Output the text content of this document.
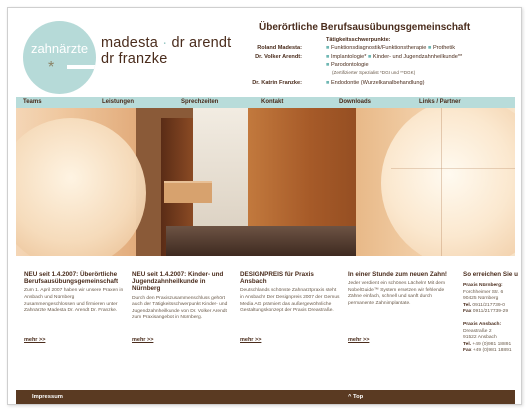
zahnärzte
*
madesta · dr arendt
dr franzke
Überörtliche Berufsausübungsgemeinschaft
Tätigkeitsschwerpunkte:
Roland Madesta:	■ Funktionsdiagnostik/Funktionstherapie ■ Prothetik
Dr. Volker Arendt:	■ Implantologie* ■ Kinder- und Jugendzahnheilkunde**
■ Parodontologie
(Zertifizierter Spezialist *DGI und **DGK)
Dr. Katrin Franzke:	■ Endodontie (Wurzelkanalbehandlung)
Teams	Leistungen	Sprechzeiten	Kontakt	Downloads	Links / Partner
NEU seit 1.4.2007: Überörtliche Berufsausübungsgemeinschaft

Zum 1. April 2007 haben wir unsere Praxen in Ansbach und Nürnberg zusammengeschlossen und firmieren unter Zahnärzte Madesta Dr. Arendt Dr. Franzke.

mehr >>
NEU seit 1.4.2007: Kinder- und Jugendzahnheilkunde in Nürnberg

Durch den Praxiszusammenschluss gehört auch der Tätigkeitsschwerpunkt Kinder- und Jugendzahnheilkunde von Dr. Volker Arendt zum Praxisangebot in Nürnberg.

mehr >>
DESIGNPREIS für Praxis Ansbach

Deutschlands schönste Zahnarztpraxis steht in Ansbach! Der Designpreis 2007 der Gemus Media AG prämiert das außergewöhnliche Gestaltungskonzept der Praxis Dreastraße.

mehr >>
In einer Stunde zum neuen Zahn!

Jeder verdient ein schönes Lächeln! Mit dem NobelGuide™ System ersetzen wir fehlende Zähne einfach, schnell und sanft durch permanente Zahnimplantate.

mehr >>
So erreichen Sie u
Praxis Nürnberg:
Forchheimer Str. 6
90425 Nürnberg
Tel. 0911/217739-0
Fax 0911/217739-29
Praxis Ansbach:
Dreastraße 2
91522 Ansbach
Tel. +49 (0)981 18891
Fax +49 (0)981 18891
Impressum	^ Top
